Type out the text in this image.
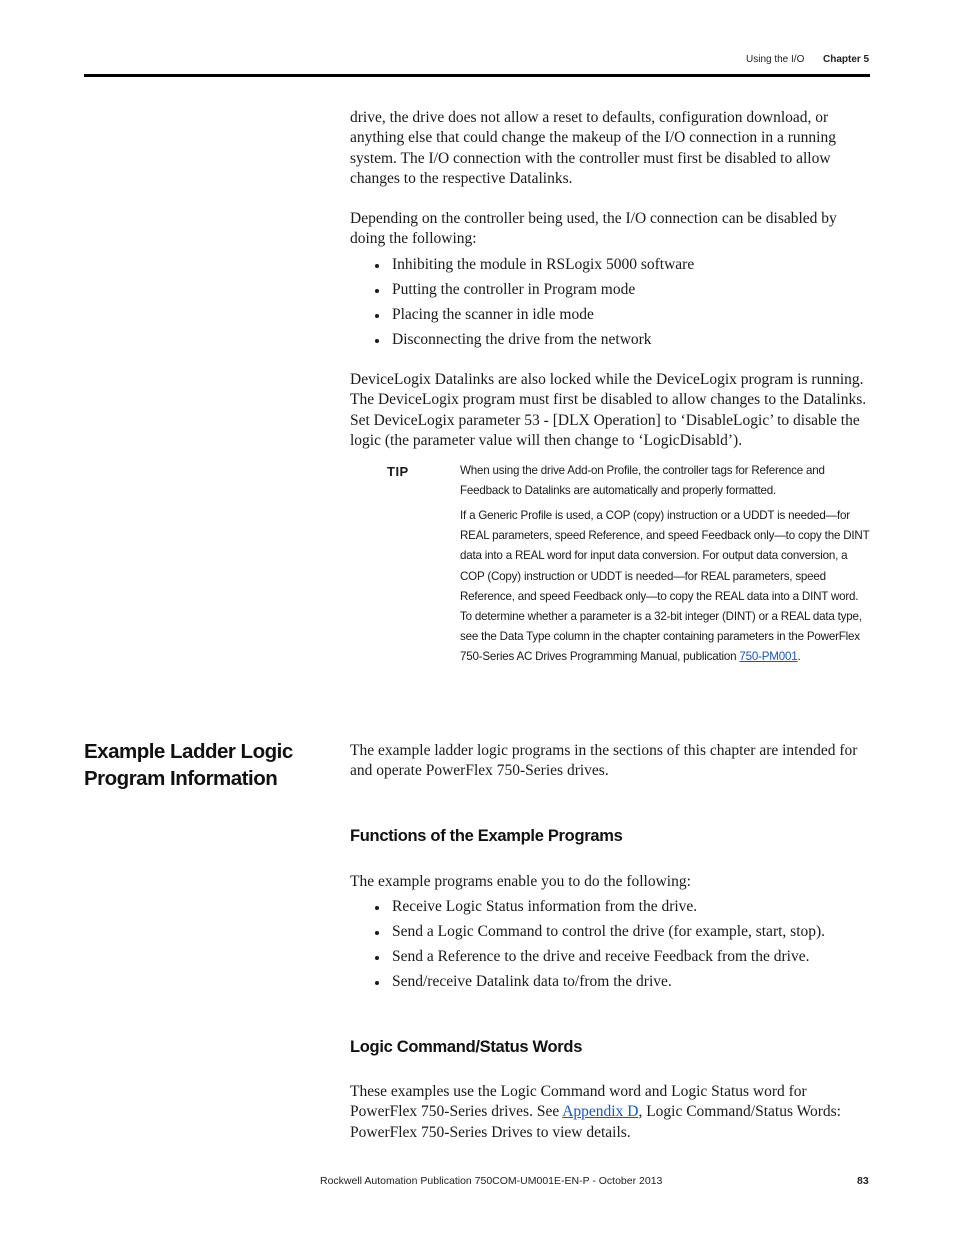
Using the I/O Chapter 5

drive, the drive does not allow a reset to defaults, configuration download, or anything else that could change the makeup of the I/O connection in a running system. The I/O connection with the controller must first be disabled to allow changes to the respective Datalinks.

Depending on the controller being used, the I/O connection can be disabled by doing the following:

Inhibiting the module in RSLogix 5000 software
Putting the controller in Program mode
Placing the scanner in idle mode
Disconnecting the drive from the network

DeviceLogix Datalinks are also locked while the DeviceLogix program is running. The DeviceLogix program must first be disabled to allow changes to the Datalinks. Set DeviceLogix parameter 53 - [DLX Operation] to ‘DisableLogic’ to disable the logic (the parameter value will then change to ‘LogicDisabld’).

TIP	When using the drive Add-on Profile, the controller tags for Reference and Feedback to Datalinks are automatically and properly formatted.

If a Generic Profile is used, a COP (copy) instruction or a UDDT is needed—for REAL parameters, speed Reference, and speed Feedback only—to copy the DINT data into a REAL word for input data conversion. For output data conversion, a COP (Copy) instruction or UDDT is needed—for REAL parameters, speed Reference, and speed Feedback only—to copy the REAL data into a DINT word. To determine whether a parameter is a 32-bit integer (DINT) or a REAL data type, see the Data Type column in the chapter containing parameters in the PowerFlex 750-Series AC Drives Programming Manual, publication 750-PM001.

Example Ladder Logic Program Information

The example ladder logic programs in the sections of this chapter are intended for and operate PowerFlex 750-Series drives.

Functions of the Example Programs

The example programs enable you to do the following:

Receive Logic Status information from the drive.
Send a Logic Command to control the drive (for example, start, stop).
Send a Reference to the drive and receive Feedback from the drive.
Send/receive Datalink data to/from the drive.
Logic Command/Status Words

These examples use the Logic Command word and Logic Status word for PowerFlex 750-Series drives. See Appendix D, Logic Command/Status Words: PowerFlex 750-Series Drives to view details.

Rockwell Automation Publication 750COM-UM001E-EN-P - October 2013	83
